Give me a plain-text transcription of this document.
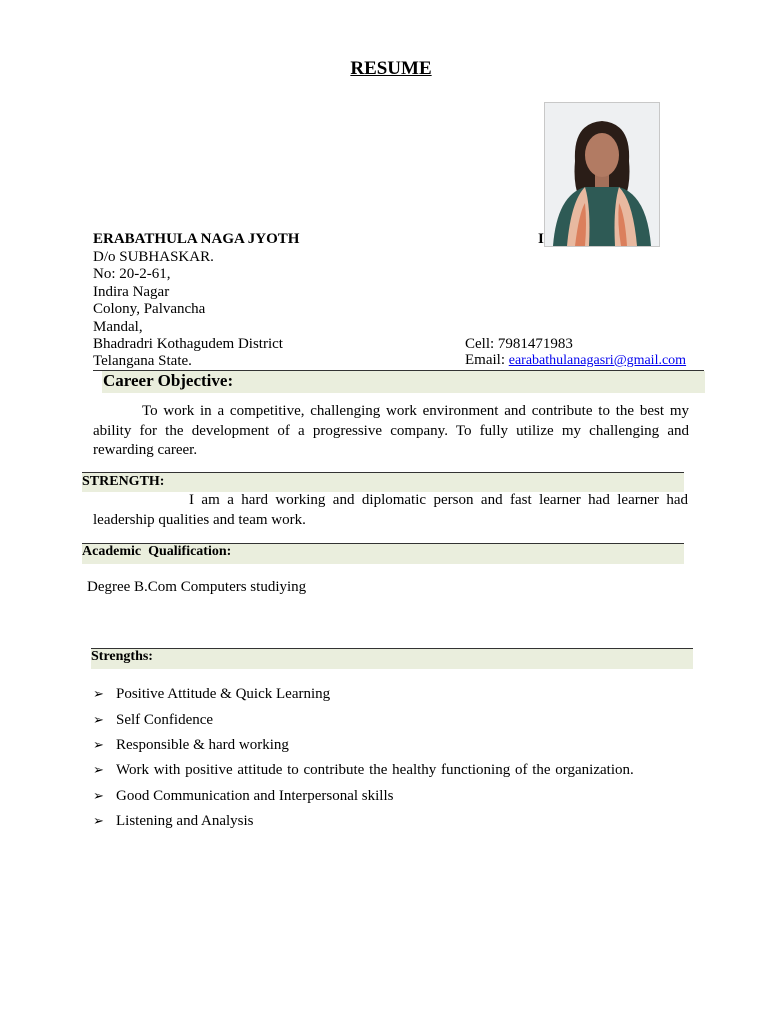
RESUME
ERABATHULA NAGA JYOTH	I
D/o SUBHASKAR.
No: 20-2-61,
Indira Nagar
Colony, Palvancha
Mandal,
Bhadradri Kothagudem District
Telangana State.
Cell: 7981471983
Email: earabathulanagasri@gmail.com
Career Objective:
To work in a competitive, challenging work environment and contribute to the best my ability for the development of a progressive company. To fully utilize my challenging and rewarding career.
STRENGTH:
I am a hard working and diplomatic person and fast learner had learner had leadership qualities and team work.
Academic  Qualification:
Degree B.Com Computers studiying
Strengths:
➢ Positive Attitude & Quick Learning
➢ Self Confidence
➢ Responsible & hard working
➢ Work with positive attitude to contribute the healthy functioning of the organization.
➢ Good Communication and Interpersonal skills
➢ Listening and Analysis
